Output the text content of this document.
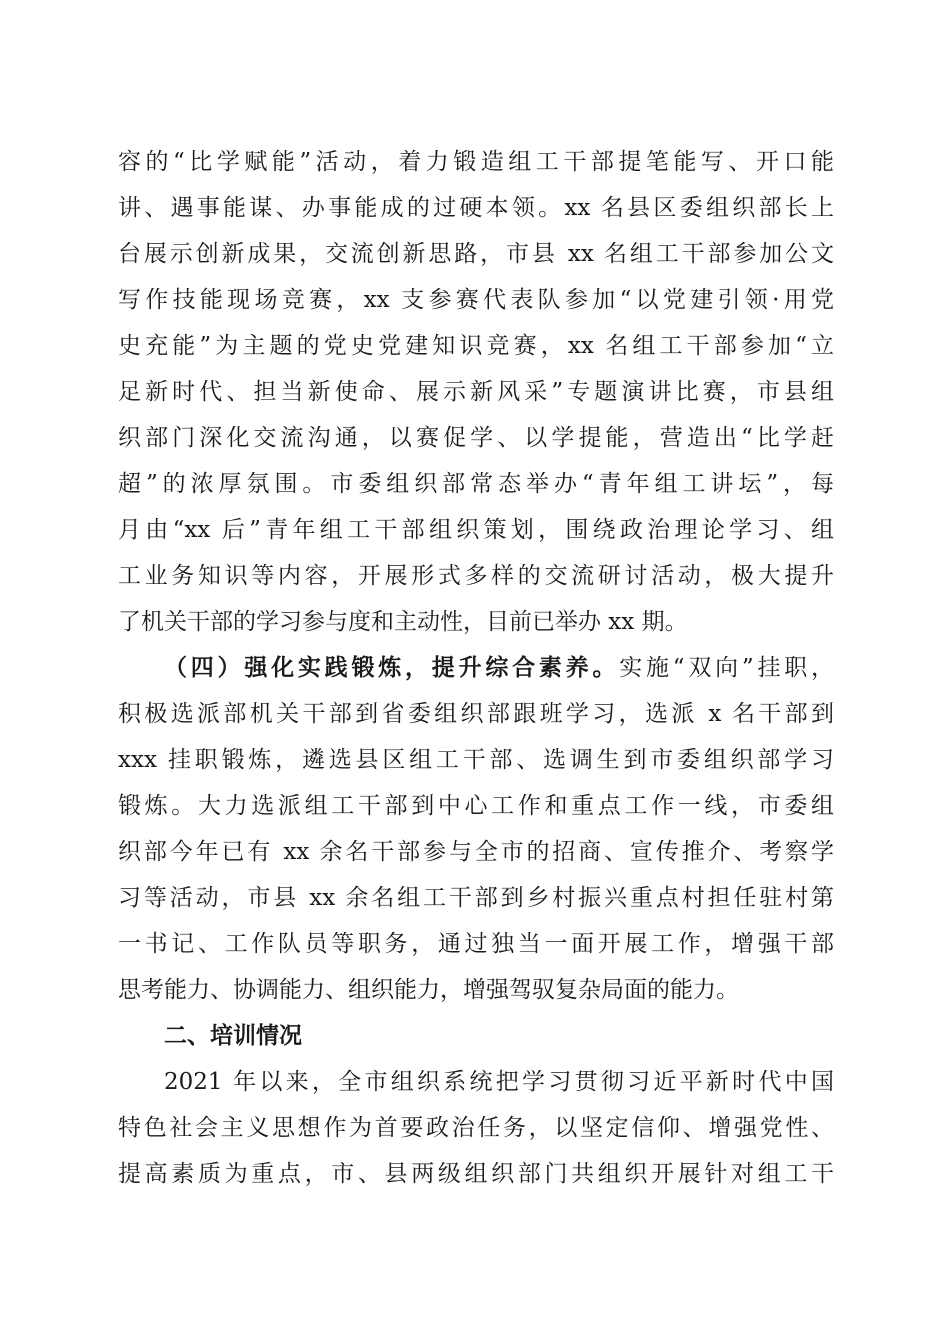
容的“比学赋能”活动，着力锻造组工干部提笔能写、开口能
讲、遇事能谋、办事能成的过硬本领。xx 名县区委组织部长上
台展示创新成果，交流创新思路，市县 xx 名组工干部参加公文
写作技能现场竞赛，xx 支参赛代表队参加“以党建引领·用党
史充能”为主题的党史党建知识竞赛，xx 名组工干部参加“立
足新时代、担当新使命、展示新风采”专题演讲比赛，市县组
织部门深化交流沟通，以赛促学、以学提能，营造出“比学赶
超”的浓厚氛围。市委组织部常态举办“青年组工讲坛”，每
月由“xx 后”青年组工干部组织策划，围绕政治理论学习、组
工业务知识等内容，开展形式多样的交流研讨活动，极大提升
了机关干部的学习参与度和主动性，目前已举办 xx 期。
（四）强化实践锻炼，提升综合素养。实施“双向”挂职，
积极选派部机关干部到省委组织部跟班学习，选派 x 名干部到
xxx 挂职锻炼，遴选县区组工干部、选调生到市委组织部学习
锻炼。大力选派组工干部到中心工作和重点工作一线，市委组
织部今年已有 xx 余名干部参与全市的招商、宣传推介、考察学
习等活动，市县 xx 余名组工干部到乡村振兴重点村担任驻村第
一书记、工作队员等职务，通过独当一面开展工作，增强干部
思考能力、协调能力、组织能力，增强驾驭复杂局面的能力。
二、培训情况
2021 年以来，全市组织系统把学习贯彻习近平新时代中国
特色社会主义思想作为首要政治任务，以坚定信仰、增强党性、
提高素质为重点，市、县两级组织部门共组织开展针对组工干
